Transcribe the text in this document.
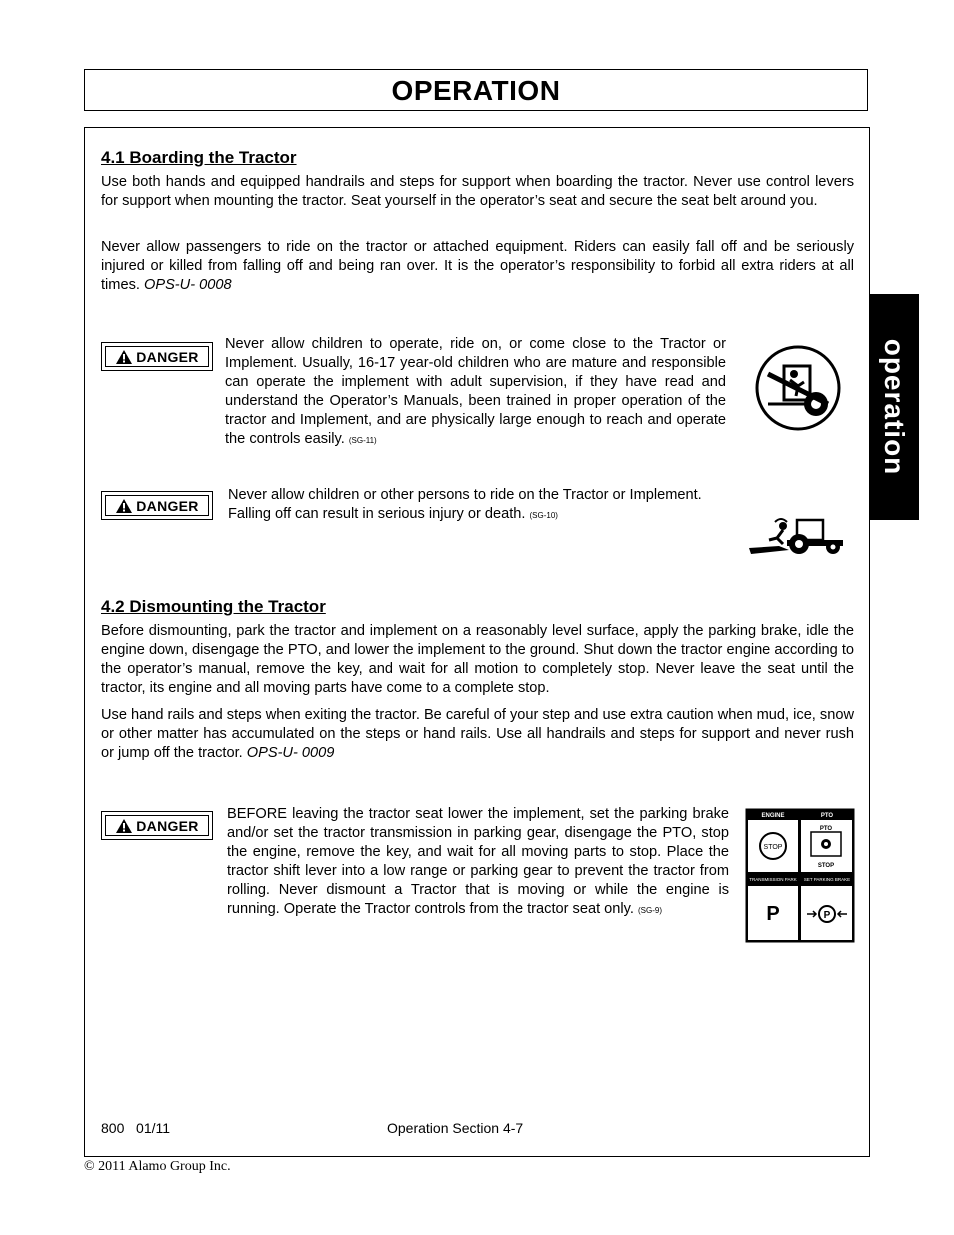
OPERATION
operation
4.1 Boarding the Tractor
Use both hands and equipped handrails and steps for support when boarding the tractor. Never use control levers for support when mounting the tractor. Seat yourself in the operator’s seat and secure the seat belt around you.
Never allow passengers to ride on the tractor or attached equipment. Riders can easily fall off and be seriously injured or killed from falling off and being ran over. It is the operator’s responsibility to forbid all extra riders at all times. OPS-U- 0008
DANGER
Never allow children to operate, ride on, or come close to the Tractor or Implement. Usually, 16-17 year-old children who are mature and responsible can operate the implement with adult supervision, if they have read and understand the Operator’s Manuals, been trained in proper operation of the tractor and Implement, and are physically large enough to reach and operate the controls easily. (SG-11)
DANGER
Never allow children or other persons to ride on the Tractor or Implement. Falling off can result in serious injury or death. (SG-10)
4.2 Dismounting the Tractor
Before dismounting, park the tractor and implement on a reasonably level surface, apply the parking brake, idle the engine down, disengage the PTO, and lower the implement to the ground. Shut down the tractor engine according to the operator’s manual, remove the key, and wait for all motion to completely stop. Never leave the seat until the tractor, its engine and all moving parts have come to a complete stop.
Use hand rails and steps when exiting the tractor. Be careful of your step and use extra caution when mud, ice, snow or other matter has accumulated on the steps or hand rails. Use all handrails and steps for support and never rush or jump off the tractor. OPS-U- 0009
DANGER
BEFORE leaving the tractor seat lower the implement, set the parking brake and/or set the tractor transmission in parking gear, disengage the PTO, stop the engine, remove the key, and wait for all moving parts to stop. Place the tractor shift lever into a low range or parking gear to prevent the tractor from rolling. Never dismount a Tractor that is moving or while the engine is running. Operate the Tractor controls from the tractor seat only. (SG-9)
ENGINE	PTO
STOP
PTO
STOP
TRANSMISSION PARK SET PARKING BRAKE
P	P
800   01/11	Operation Section 4-7
© 2011 Alamo Group Inc.
